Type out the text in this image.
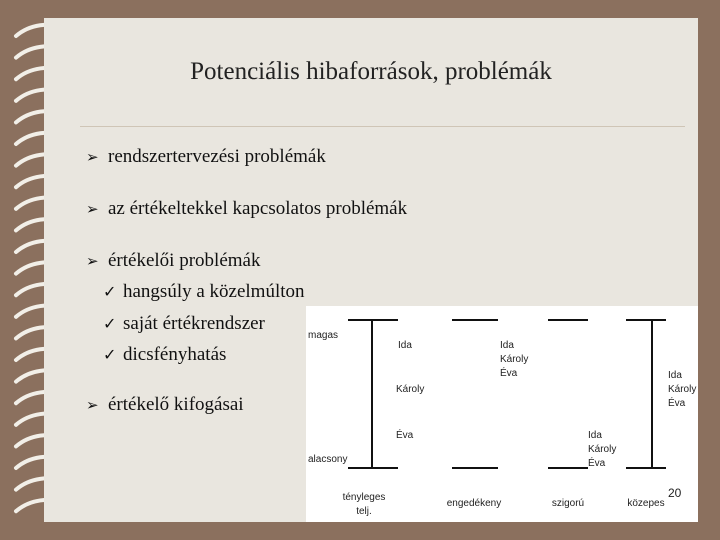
Potenciális hibaforrások, problémák
➢ rendszertervezési problémák
➢ az értékeltekkel kapcsolatos problémák
➢ értékelői problémák
✓ hangsúly a közelmúlton
✓ saját értékrendszer
✓ dicsfényhatás
➢ értékelő kifogásai
magas
alacsony
Ida
Károly
Éva
tényleges
telj.
Ida
Károly
Éva
engedékeny
Ida
Károly
Éva
szigorú
Ida
Károly
Éva
közepes
20
